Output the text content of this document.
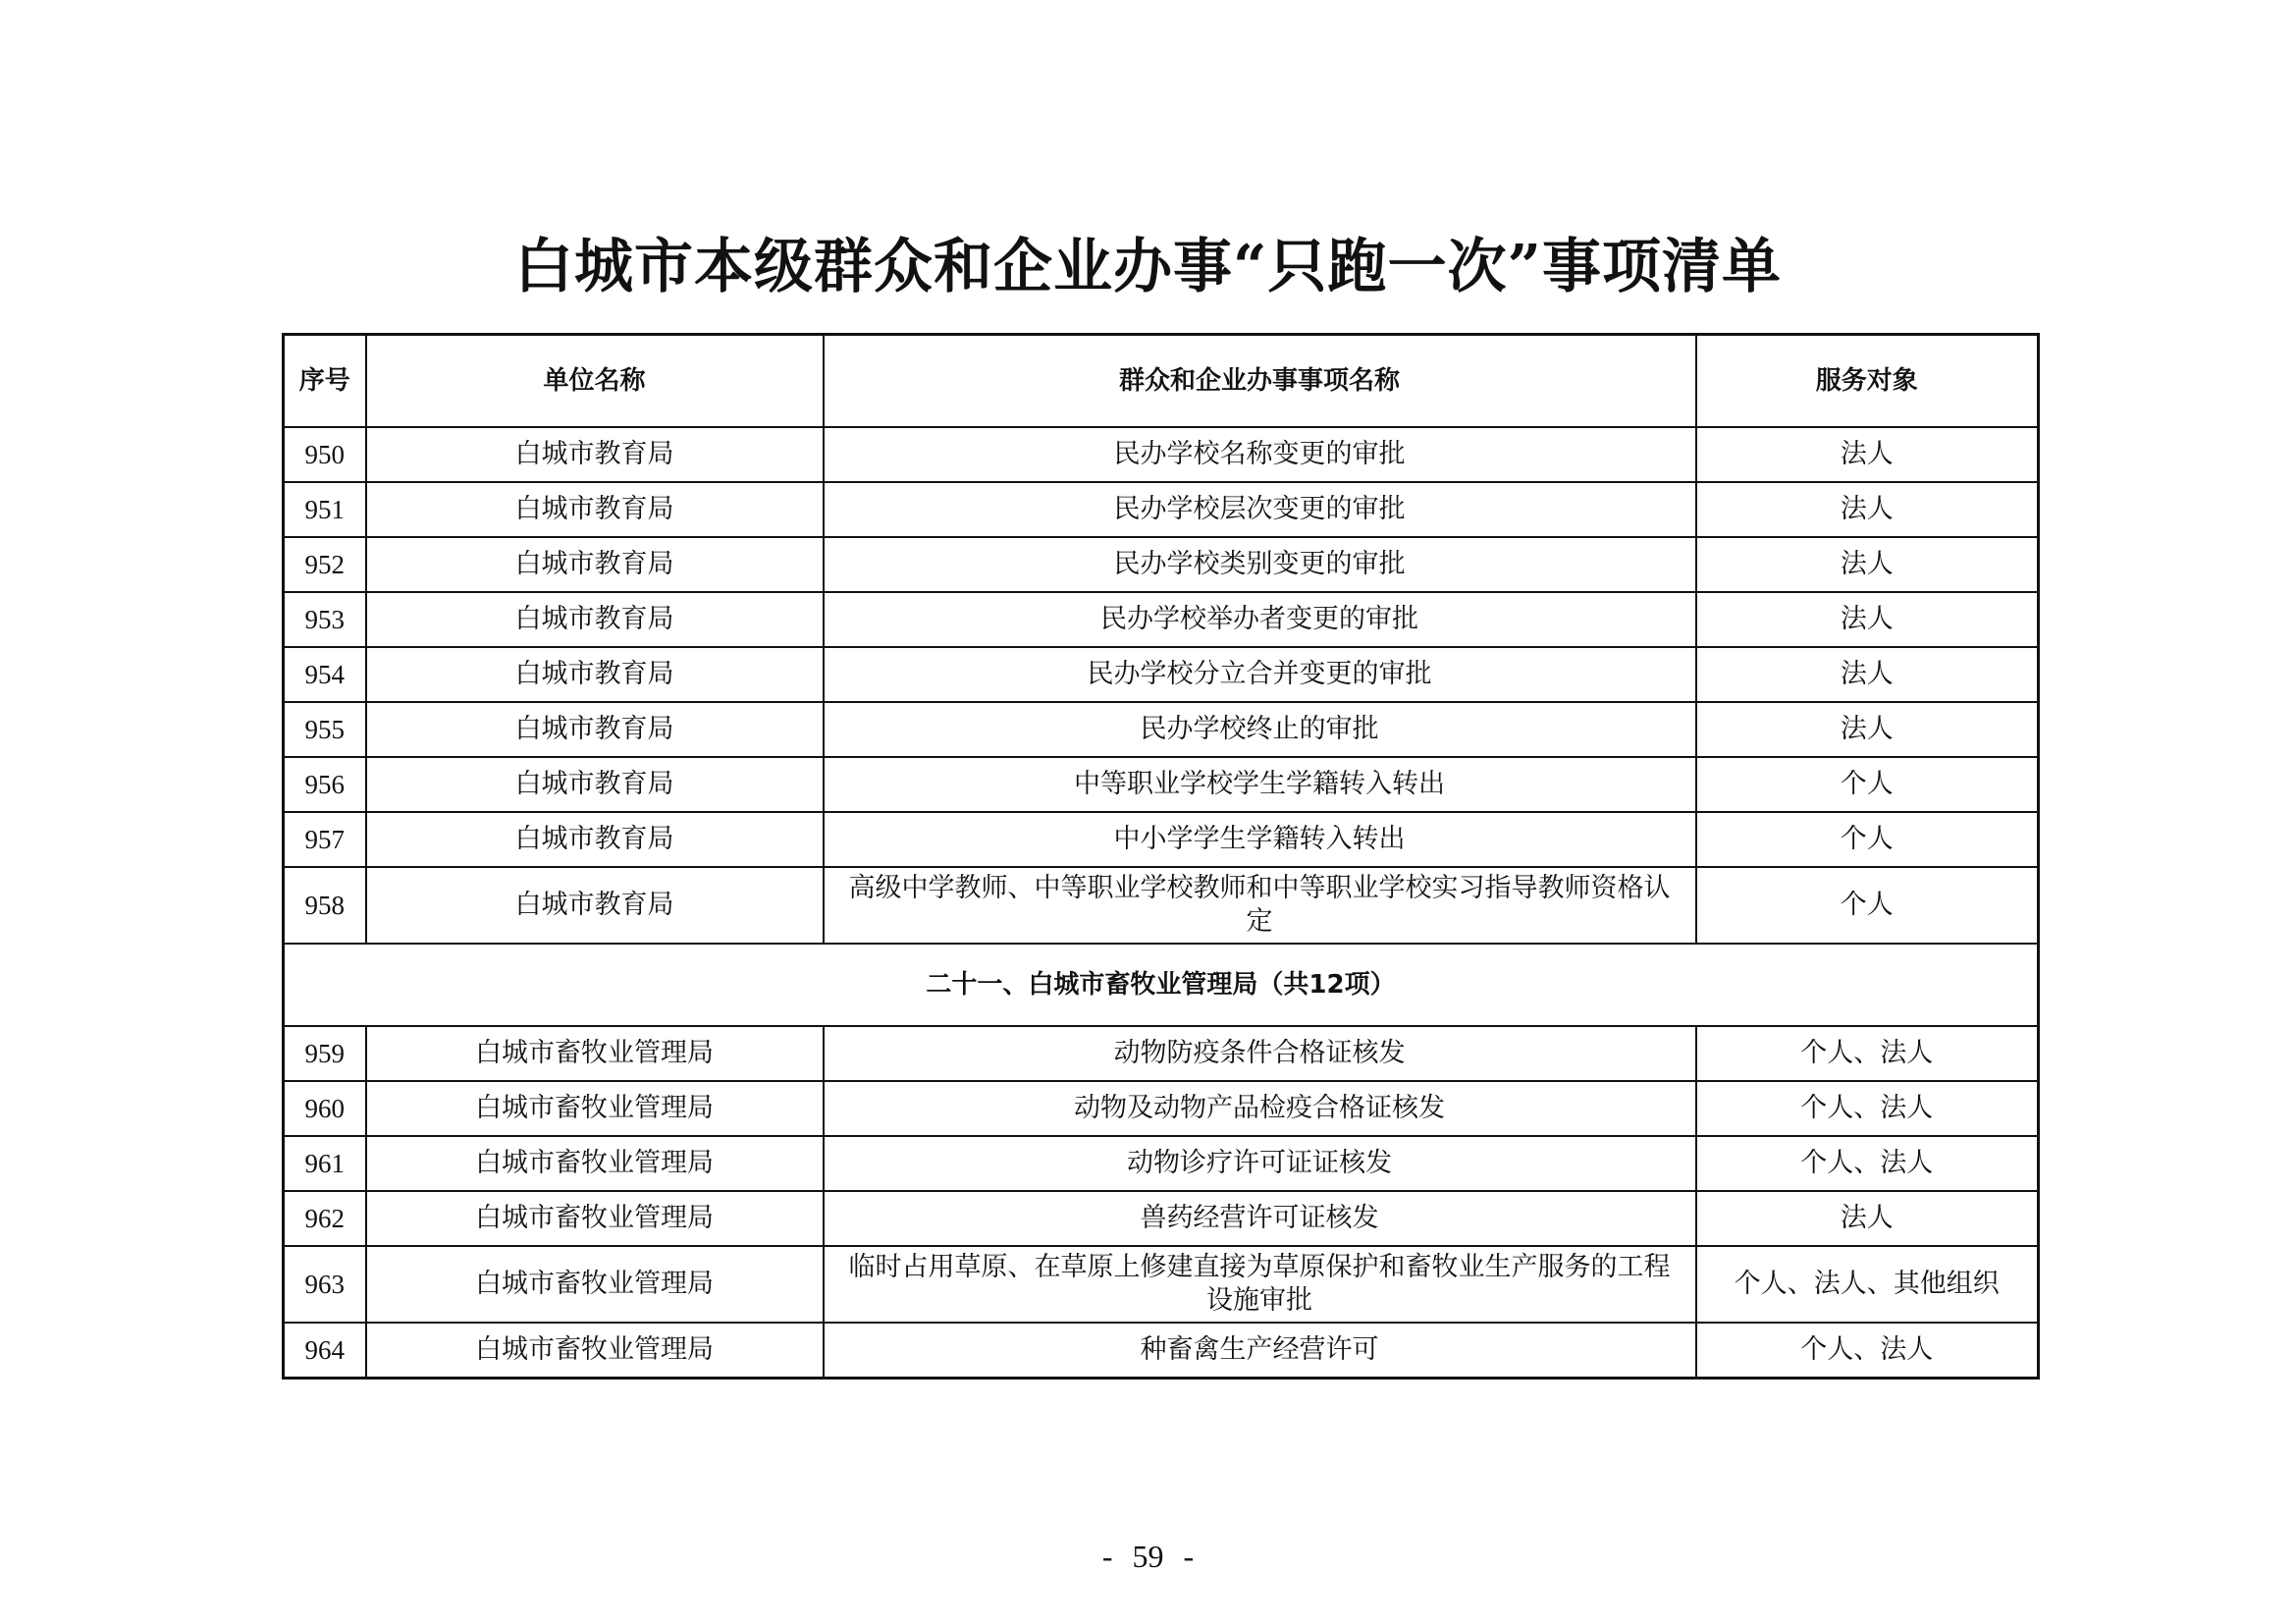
白城市本级群众和企业办事“只跑一次”事项清单
序号	单位名称	群众和企业办事事项名称	服务对象
950	白城市教育局	民办学校名称变更的审批	法人
951	白城市教育局	民办学校层次变更的审批	法人
952	白城市教育局	民办学校类别变更的审批	法人
953	白城市教育局	民办学校举办者变更的审批	法人
954	白城市教育局	民办学校分立合并变更的审批	法人
955	白城市教育局	民办学校终止的审批	法人
956	白城市教育局	中等职业学校学生学籍转入转出	个人
957	白城市教育局	中小学学生学籍转入转出	个人
958	白城市教育局	高级中学教师、中等职业学校教师和中等职业学校实习指导教师资格认定	个人
二十一、白城市畜牧业管理局（共12项）			
959	白城市畜牧业管理局	动物防疫条件合格证核发	个人、法人
960	白城市畜牧业管理局	动物及动物产品检疫合格证核发	个人、法人
961	白城市畜牧业管理局	动物诊疗许可证证核发	个人、法人
962	白城市畜牧业管理局	兽药经营许可证核发	法人
963	白城市畜牧业管理局	临时占用草原、在草原上修建直接为草原保护和畜牧业生产服务的工程设施审批	个人、法人、其他组织
964	白城市畜牧业管理局	种畜禽生产经营许可	个人、法人
- 59 -
